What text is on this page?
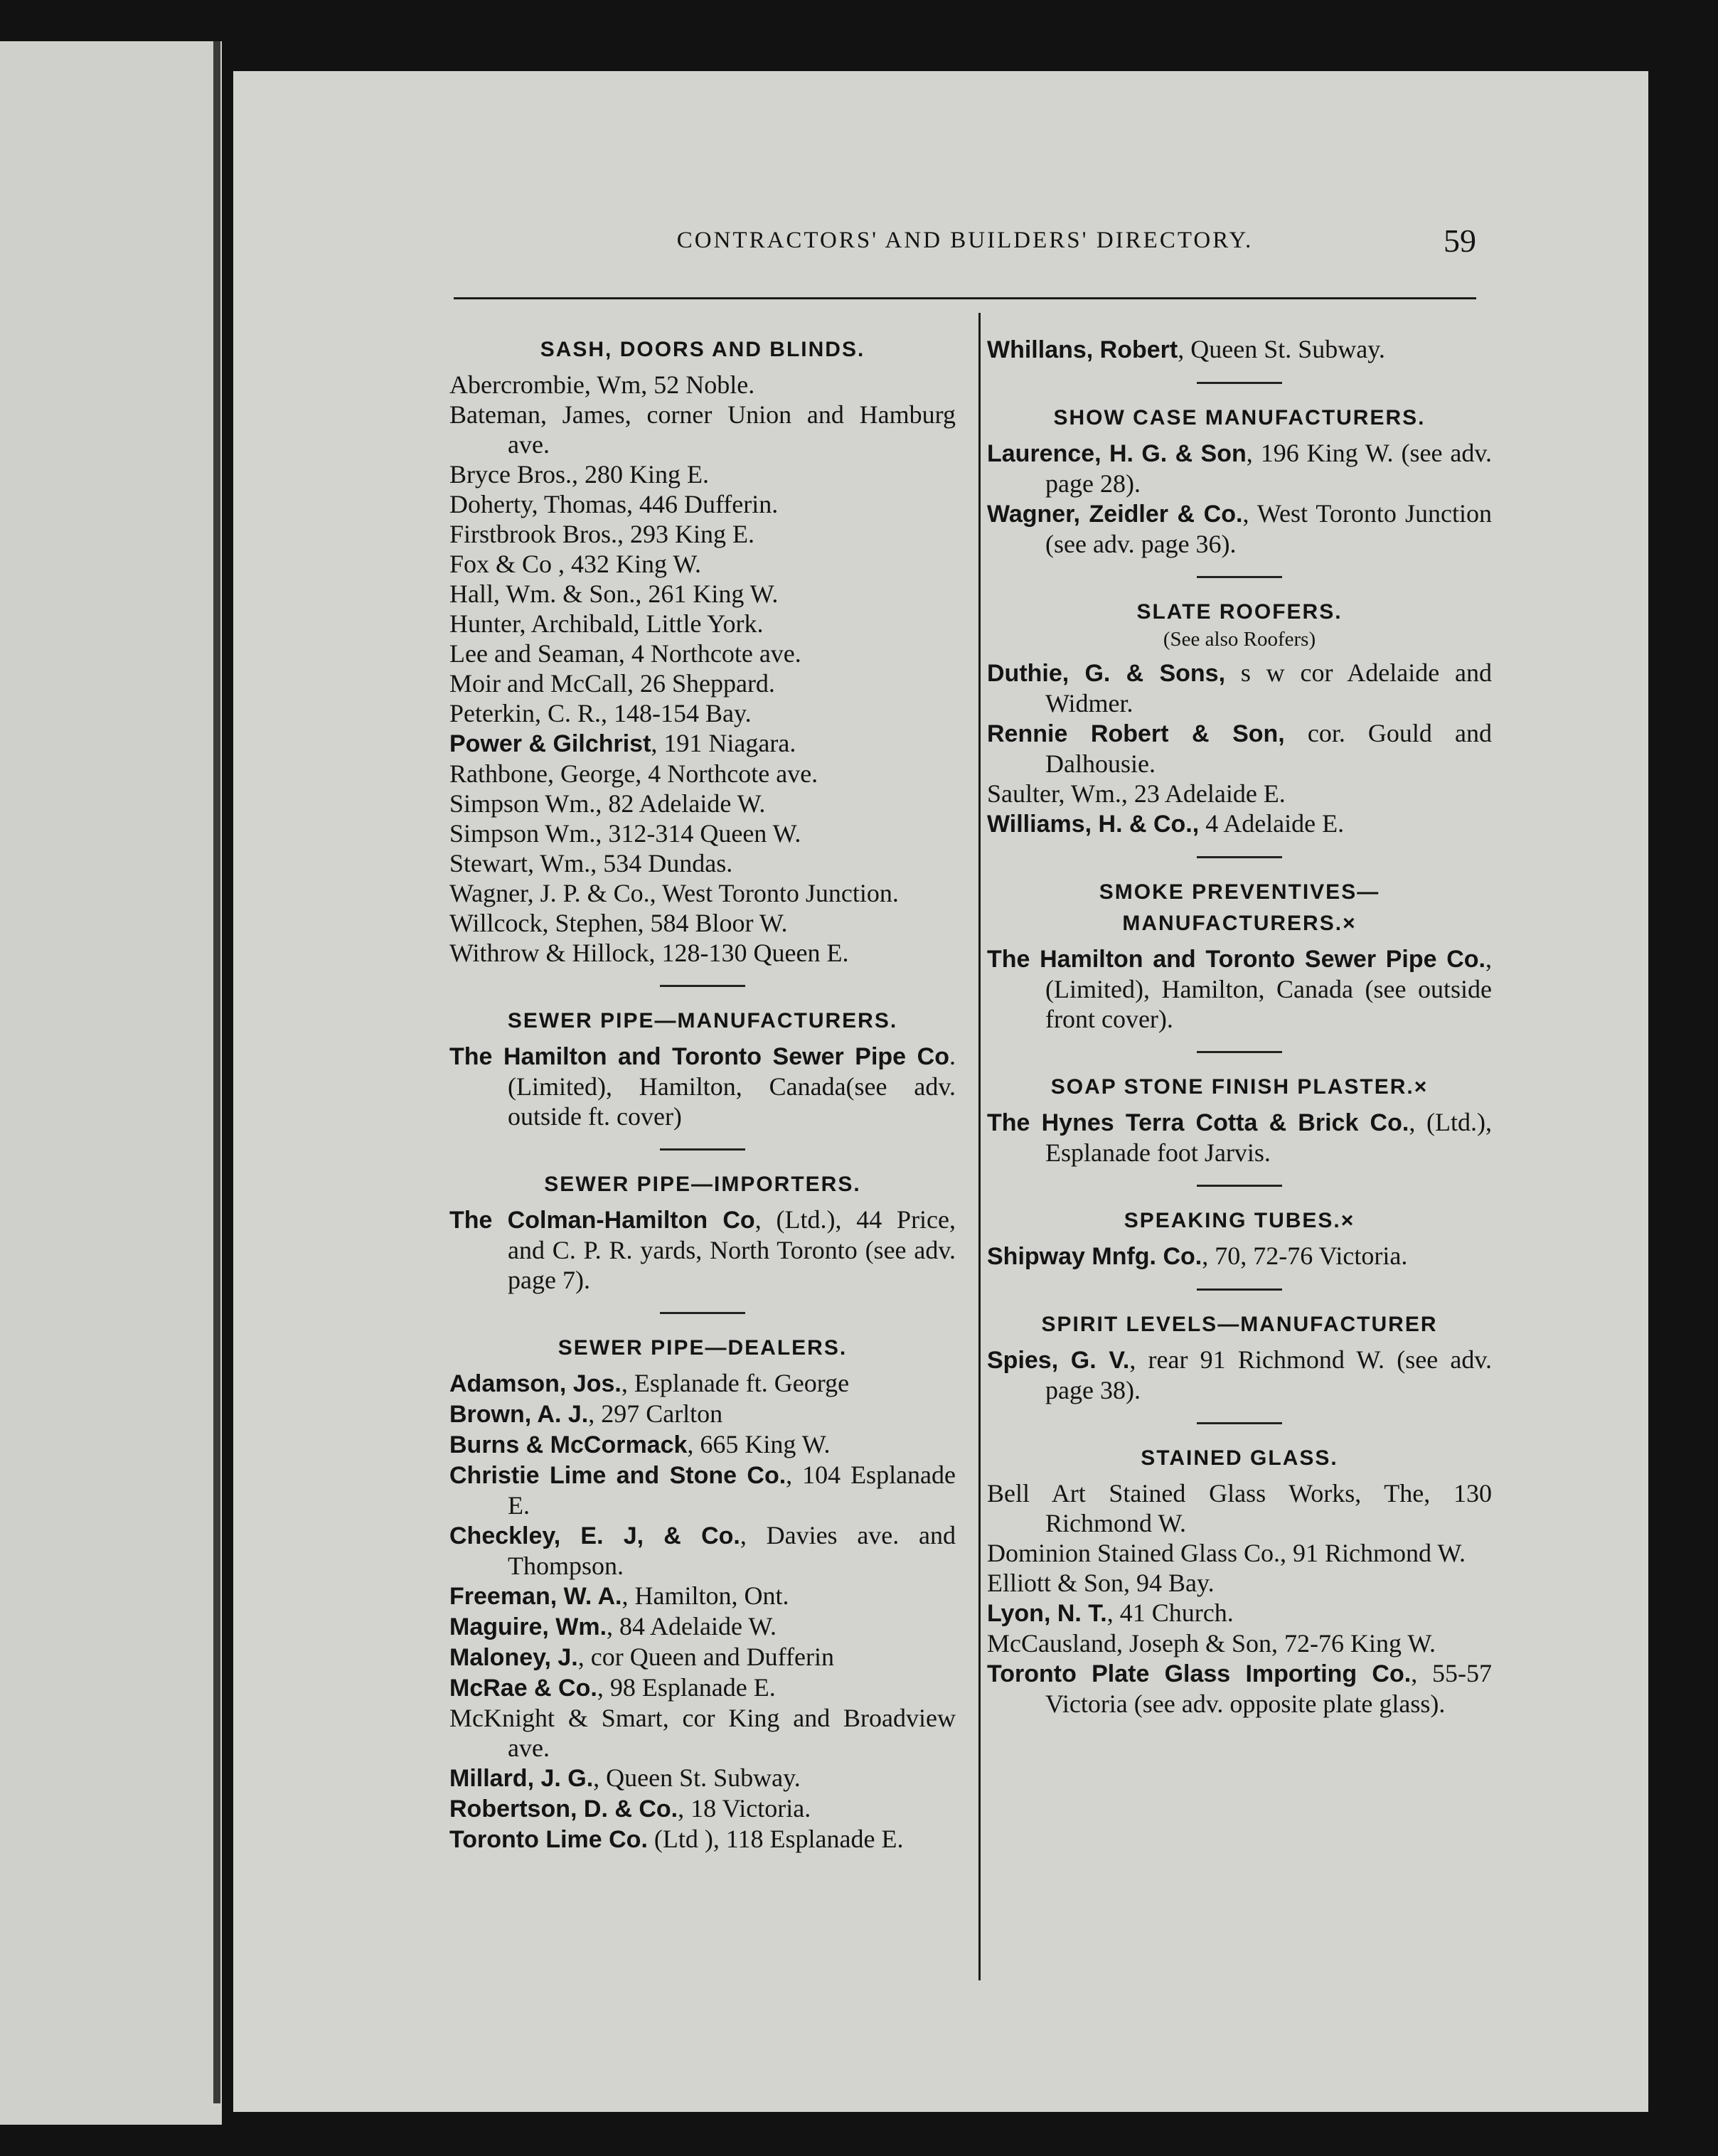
CONTRACTORS' AND BUILDERS' DIRECTORY.	59
SASH, DOORS AND BLINDS.
Abercrombie, Wm, 52 Noble.
Bateman, James, corner Union and Hamburg ave.
Bryce Bros., 280 King E.
Doherty, Thomas, 446 Dufferin.
Firstbrook Bros., 293 King E.
Fox & Co , 432 King W.
Hall, Wm. & Son., 261 King W.
Hunter, Archibald, Little York.
Lee and Seaman, 4 Northcote ave.
Moir and McCall, 26 Sheppard.
Peterkin, C. R., 148-154 Bay.
Power & Gilchrist, 191 Niagara.
Rathbone, George, 4 Northcote ave.
Simpson Wm., 82 Adelaide W.
Simpson Wm., 312-314 Queen W.
Stewart, Wm., 534 Dundas.
Wagner, J. P. & Co., West Toronto Junction.
Willcock, Stephen, 584 Bloor W.
Withrow & Hillock, 128-130 Queen E.
SEWER PIPE—MANUFACTURERS.
The Hamilton and Toronto Sewer Pipe Co. (Limited), Hamilton, Canada(see adv. outside ft. cover)
SEWER PIPE—IMPORTERS.
The Colman-Hamilton Co, (Ltd.), 44 Price, and C. P. R. yards, North Toronto (see adv. page 7).
SEWER PIPE—DEALERS.
Adamson, Jos., Esplanade ft. George
Brown, A. J., 297 Carlton
Burns & McCormack, 665 King W.
Christie Lime and Stone Co., 104 Esplanade E.
Checkley, E. J, & Co., Davies ave. and Thompson.
Freeman, W. A., Hamilton, Ont.
Maguire, Wm., 84 Adelaide W.
Maloney, J., cor Queen and Dufferin
McRae & Co., 98 Esplanade E.
McKnight & Smart, cor King and Broadview ave.
Millard, J. G., Queen St. Subway.
Robertson, D. & Co., 18 Victoria.
Toronto Lime Co. (Ltd ), 118 Esplanade E.
Whillans, Robert, Queen St. Subway.
SHOW CASE MANUFACTURERS.
Laurence, H. G. & Son, 196 King W. (see adv. page 28).
Wagner, Zeidler & Co., West Toronto Junction (see adv. page 36).
SLATE ROOFERS.
(See also Roofers)
Duthie, G. & Sons, s w cor Adelaide and Widmer.
Rennie Robert & Son, cor. Gould and Dalhousie.
Saulter, Wm., 23 Adelaide E.
Williams, H. & Co., 4 Adelaide E.
SMOKE PREVENTIVES—MANUFACTURERS.×
The Hamilton and Toronto Sewer Pipe Co., (Limited), Hamilton, Canada (see outside front cover).
SOAP STONE FINISH PLASTER.×
The Hynes Terra Cotta & Brick Co., (Ltd.), Esplanade foot Jarvis.
SPEAKING TUBES.×
Shipway Mnfg. Co., 70, 72-76 Victoria.
SPIRIT LEVELS—MANUFACTURER
Spies, G. V., rear 91 Richmond W. (see adv. page 38).
STAINED GLASS.
Bell Art Stained Glass Works, The, 130 Richmond W.
Dominion Stained Glass Co., 91 Richmond W.
Elliott & Son, 94 Bay.
Lyon, N. T., 41 Church.
McCausland, Joseph & Son, 72-76 King W.
Toronto Plate Glass Importing Co., 55-57 Victoria (see adv. opposite plate glass).
